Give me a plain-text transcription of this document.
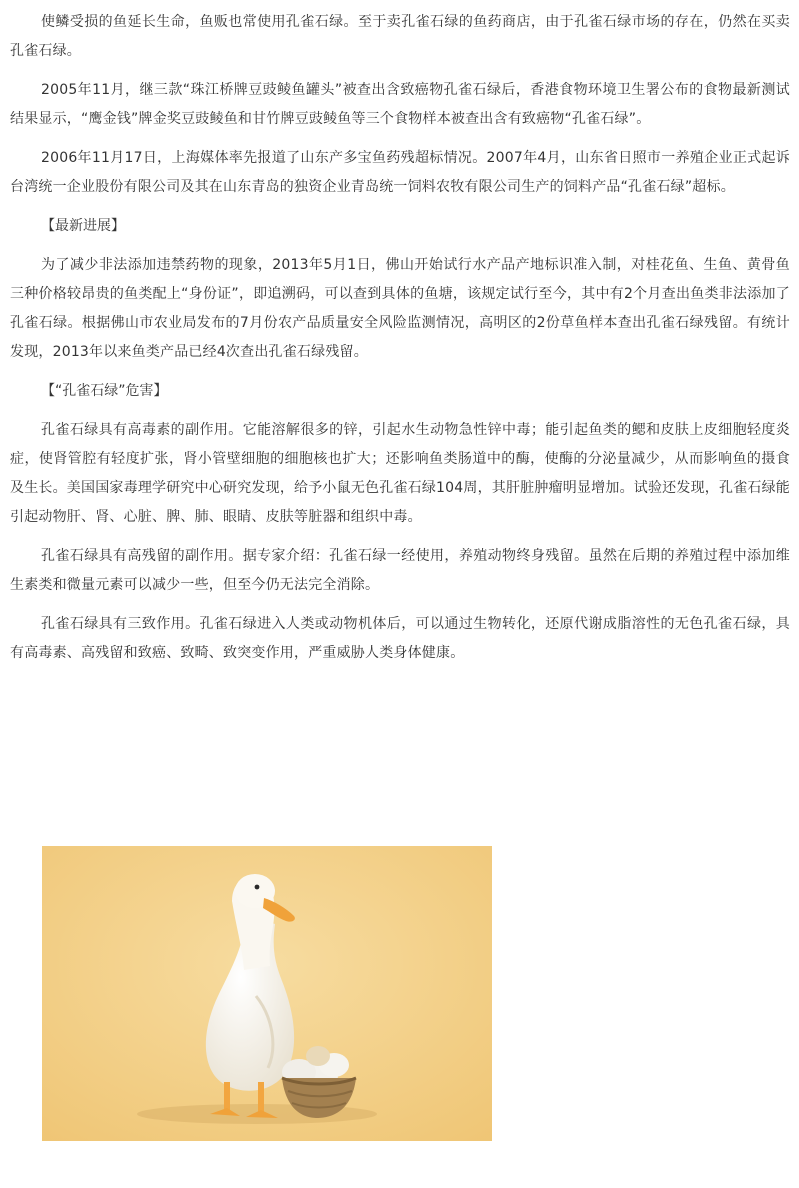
使鳞受损的鱼延长生命，鱼贩也常使用孔雀石绿。至于卖孔雀石绿的鱼药商店，由于孔雀石绿市场的存在，仍然在买卖孔雀石绿。

2005年11月，继三款“珠江桥牌豆豉鲮鱼罐头”被查出含致癌物孔雀石绿后，香港食物环境卫生署公布的食物最新测试结果显示，“鹰金钱”牌金奖豆豉鲮鱼和甘竹牌豆豉鲮鱼等三个食物样本被查出含有致癌物“孔雀石绿”。

2006年11月17日，上海媒体率先报道了山东产多宝鱼药残超标情况。2007年4月，山东省日照市一养殖企业正式起诉台湾统一企业股份有限公司及其在山东青岛的独资企业青岛统一饲料农牧有限公司生产的饲料产品“孔雀石绿”超标。

【最新进展】

为了减少非法添加违禁药物的现象，2013年5月1日，佛山开始试行水产品产地标识准入制，对桂花鱼、生鱼、黄骨鱼三种价格较昂贵的鱼类配上“身份证”，即追溯码，可以查到具体的鱼塘，该规定试行至今，其中有2个月查出鱼类非法添加了孔雀石绿。根据佛山市农业局发布的7月份农产品质量安全风险监测情况，高明区的2份草鱼样本查出孔雀石绿残留。有统计发现，2013年以来鱼类产品已经4次查出孔雀石绿残留。

【“孔雀石绿”危害】

孔雀石绿具有高毒素的副作用。它能溶解很多的锌，引起水生动物急性锌中毒；能引起鱼类的鳃和皮肤上皮细胞轻度炎症，使肾管腔有轻度扩张，肾小管壁细胞的细胞核也扩大；还影响鱼类肠道中的酶，使酶的分泌量减少，从而影响鱼的摄食及生长。美国国家毒理学研究中心研究发现，给予小鼠无色孔雀石绿104周，其肝脏肿瘤明显增加。试验还发现，孔雀石绿能引起动物肝、肾、心脏、脾、肺、眼睛、皮肤等脏器和组织中毒。

孔雀石绿具有高残留的副作用。据专家介绍：孔雀石绿一经使用，养殖动物终身残留。虽然在后期的养殖过程中添加维生素类和微量元素可以减少一些，但至今仍无法完全消除。

孔雀石绿具有三致作用。孔雀石绿进入人类或动物机体后，可以通过生物转化，还原代谢成脂溶性的无色孔雀石绿，具有高毒素、高残留和致癌、致畸、致突变作用，严重威胁人类身体健康。
